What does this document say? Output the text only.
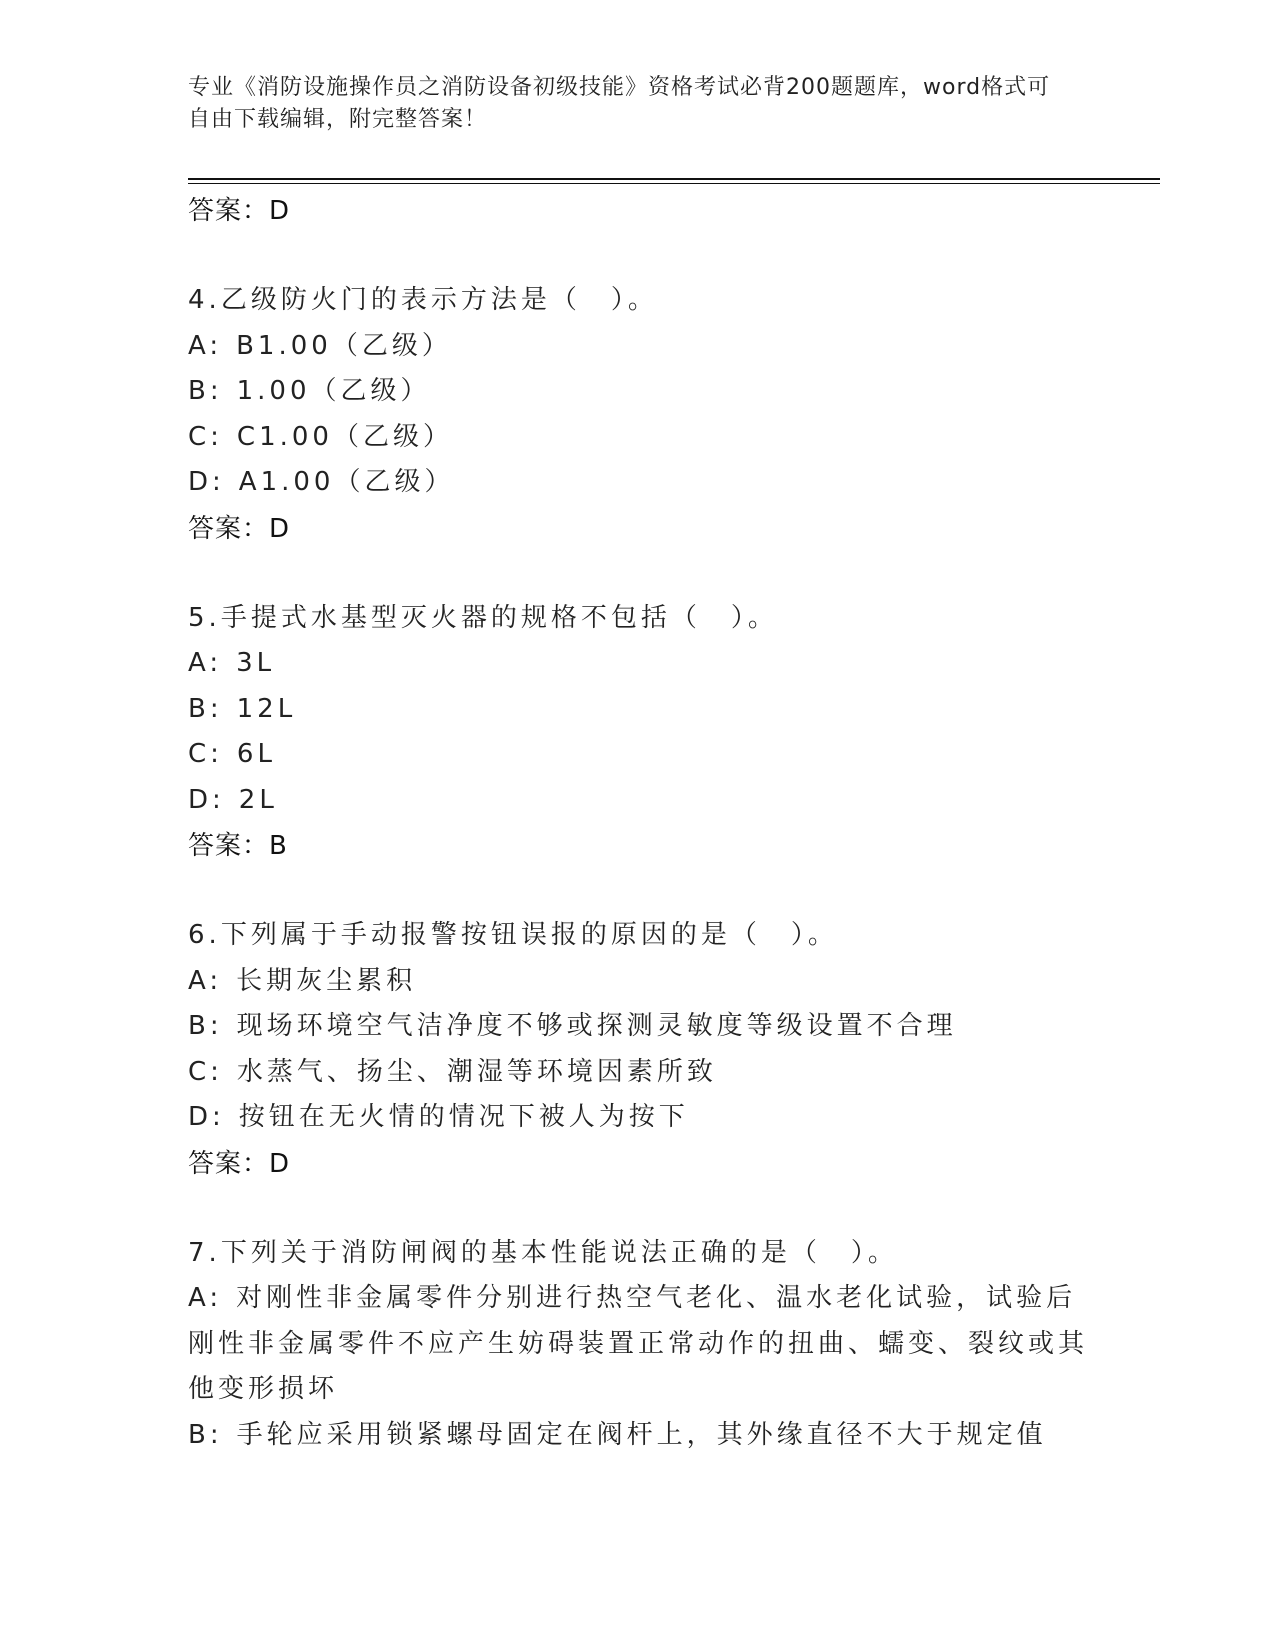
专业《消防设施操作员之消防设备初级技能》资格考试必背200题题库，word格式可自由下载编辑，附完整答案！
答案：D
4.乙级防火门的表示方法是（　）。
A: B1.00（乙级）
B: 1.00（乙级）
C: C1.00（乙级）
D: A1.00（乙级）
答案：D
5.手提式水基型灭火器的规格不包括（　）。
A: 3L
B: 12L
C: 6L
D: 2L
答案：B
6.下列属于手动报警按钮误报的原因的是（　）。
A: 长期灰尘累积
B: 现场环境空气洁净度不够或探测灵敏度等级设置不合理
C: 水蒸气、扬尘、潮湿等环境因素所致
D: 按钮在无火情的情况下被人为按下
答案：D
7.下列关于消防闸阀的基本性能说法正确的是（　）。
A: 对刚性非金属零件分别进行热空气老化、温水老化试验，试验后刚性非金属零件不应产生妨碍装置正常动作的扭曲、蠕变、裂纹或其他变形损坏
B: 手轮应采用锁紧螺母固定在阀杆上，其外缘直径不大于规定值
